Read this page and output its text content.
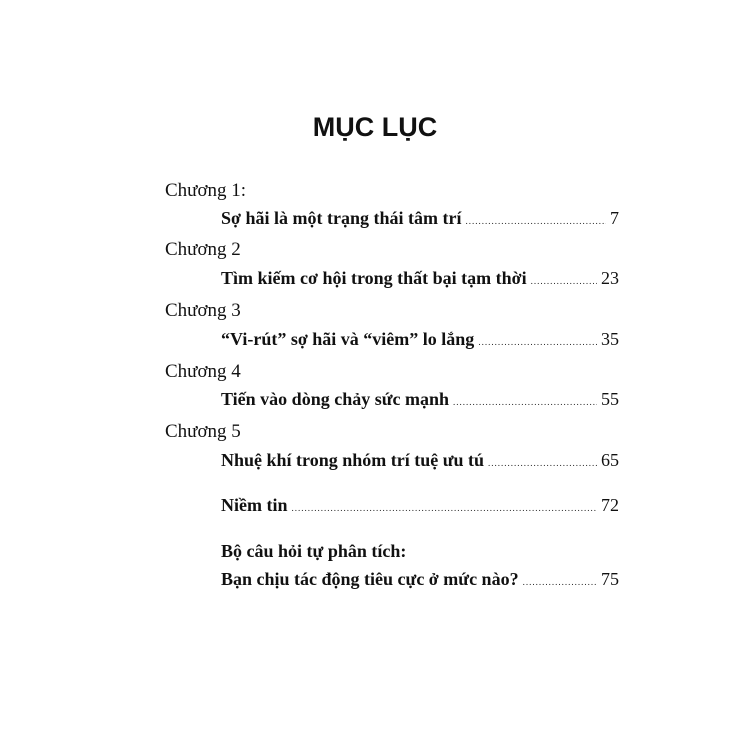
MỤC LỤC
Chương 1:
Sợ hãi là một trạng thái tâm trí .....	7
Chương 2
Tìm kiếm cơ hội trong thất bại tạm thời .....	23
Chương 3
“Vi-rút” sợ hãi và “viêm” lo lắng .....	35
Chương 4
Tiến vào dòng chảy sức mạnh .....	55
Chương 5
Nhuệ khí trong nhóm trí tuệ ưu tú .....	65
Niềm tin .....	72
Bộ câu hỏi tự phân tích:
Bạn chịu tác động tiêu cực ở mức nào? .....	75
